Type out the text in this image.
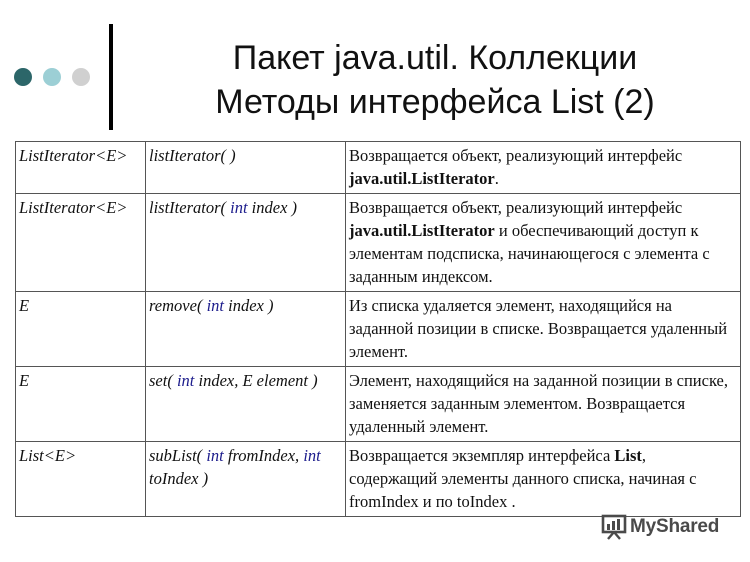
Пакет java.util. Коллекции
Методы интерфейса List (2)
ListIterator<E>	listIterator( )	Возвращается объект, реализующий интерфейс java.util.ListIterator.
ListIterator<E>	listIterator( int index )	Возвращается объект, реализующий интерфейс java.util.ListIterator и обеспечивающий доступ к элементам подсписка, начинающегося с элемента с заданным индексом.
E	remove( int index )	Из списка удаляется элемент, находящийся на заданной позиции в списке. Возвращается удаленный элемент.
E	set( int index, E element )	Элемент, находящийся на заданной позиции в списке, заменяется заданным элементом. Возвращается удаленный элемент.
List<E>	subList( int fromIndex, int toIndex )	Возвращается экземпляр интерфейса List, содержащий элементы данного списка, начиная с fromIndex и по toIndex .
MyShared
